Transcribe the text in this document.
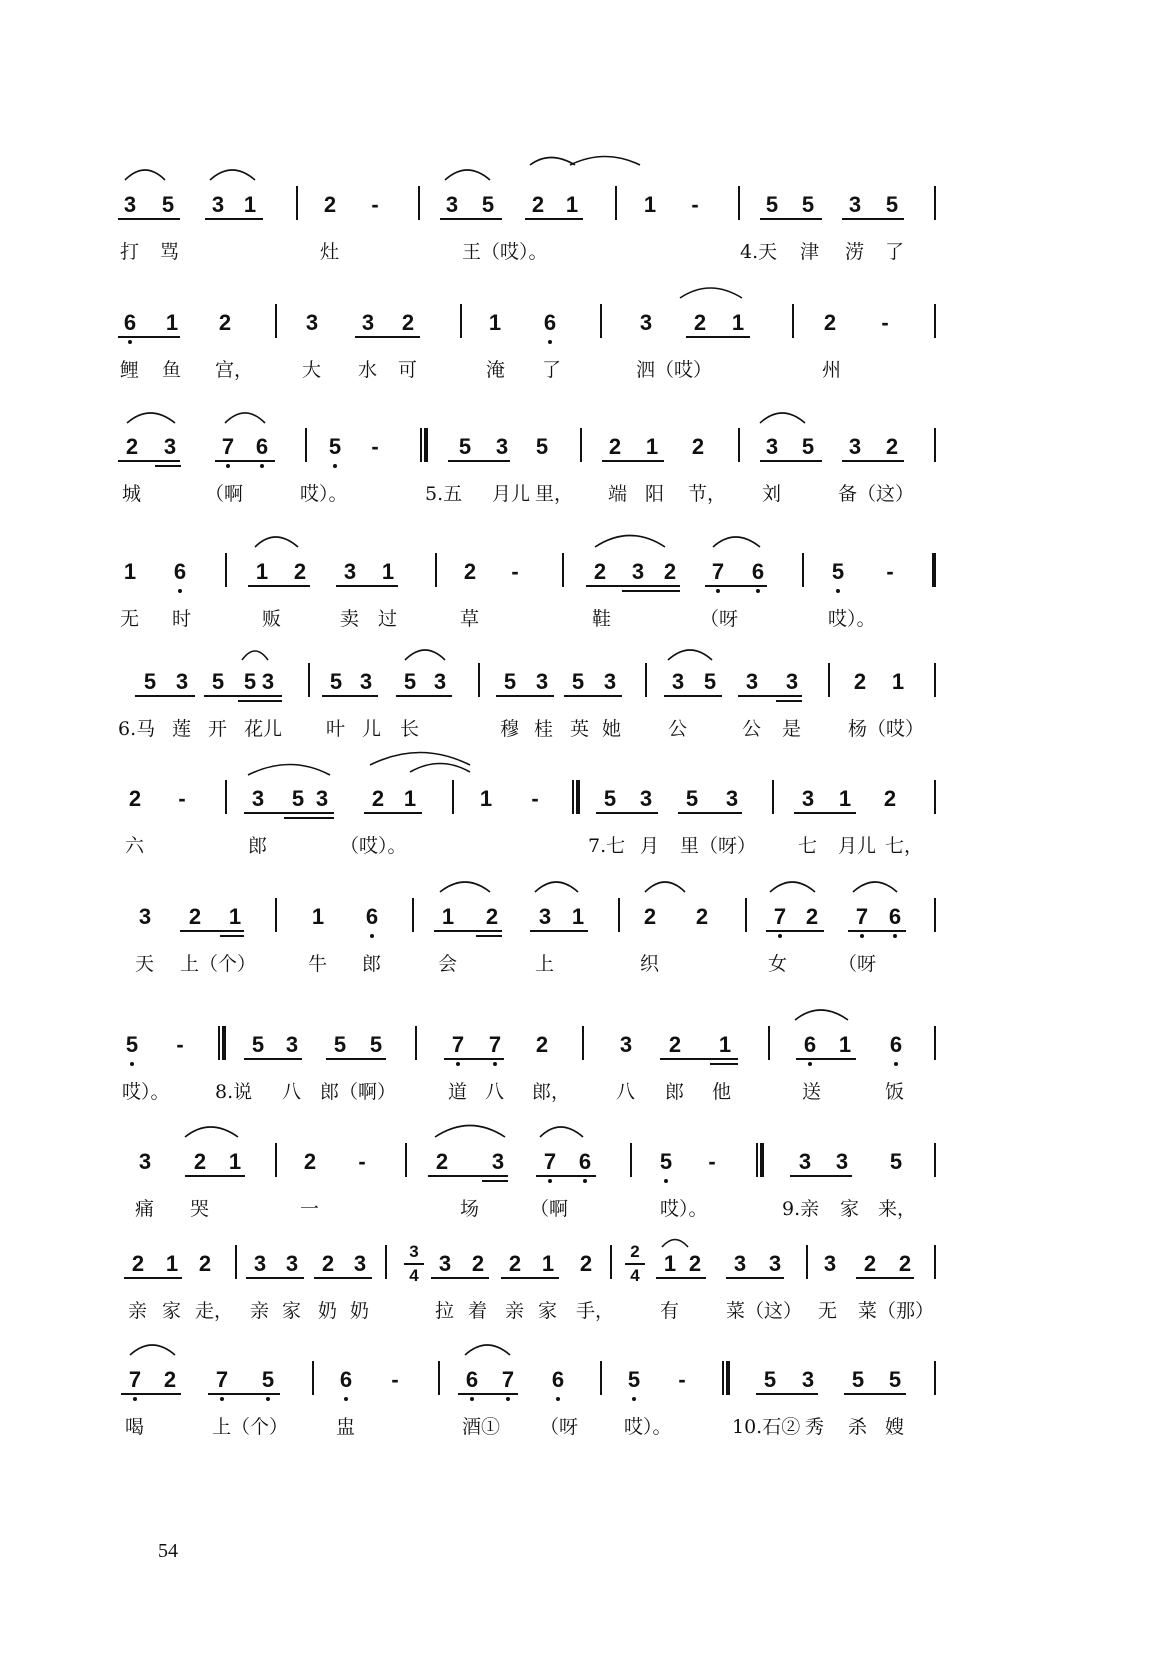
3 5 3 1	2 -	3 5 2 1	1 -	5 5 3 5
打 骂	灶	王（哎）。	4.天 津 涝 了
6 1 2	3 3 2	1 6	3 2 1	2 -
鲤 鱼 宫，	大 水 可	淹 了	泗（哎）	州
2 3 7 6	5 -	5 3 5	2 1 2	3 5 3 2
城	（啊	哎）。	5.五 月儿 里， 端 阳 节， 刘	备（这）
1 6	1 2 3 1	2 -	2 3 2 7 6	5 -
无 时	贩	卖 过	草	鞋	（呀	哎）。
5 3 5 5 3	5 3 5 3	5 3 5 3	3 5 3 3	2 1
6.马 莲 开 花儿 叶 儿 长	穆 桂 英 她 公	公 是 杨（哎）
2 -	3 5 3 2 1	1 -	5 3 5 3	3 1 2
六	郎	（哎）。	7.七 月 里（呀） 七 月儿 七，
3 2 1	1 6	1 2 3 1	2 2	7 2 7 6
天 上（个）	牛 郎	会	上	织	女	（呀
5 -	5 3 5 5	7 7 2	3 2 1	6 1 6
哎）。 8.说 八 郎（啊）	道 八 郎， 八 郎 他	送	饭
3 2 1	2 -	2 3 7 6	5 -	3 3 5
痛 哭	一	场	（啊	哎）。	9.亲 家 来，
2 1 2 3 3 2 3	3
4 3 2 2 1 2	2
4 1 2 3 3 3 2 2
亲 家 走， 亲 家 奶 奶	拉 着 亲 家 手， 有 菜（这） 无 菜（那）
7 2 7 5	6 -	6 7 6	5 -	5 3 5 5
喝	上（个）	盅	酒① （呀 哎）。	10.石② 秀 杀 嫂
54
